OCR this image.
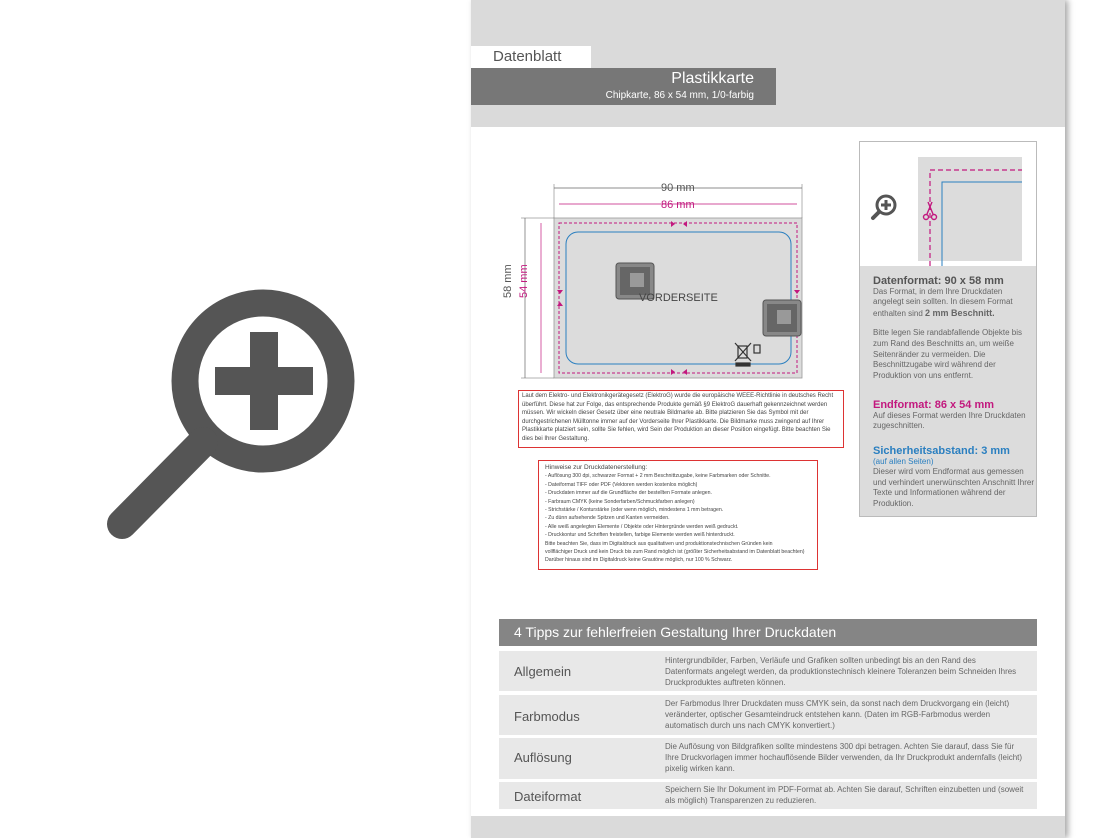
Datenblatt
Plastikkarte
Chipkarte, 86 x 54 mm, 1/0-farbig
90 mm
86 mm
58 mm 54 mm	VORDERSEITE

Laut dem Elektro- und Elektronikgerätegesetz (ElektroG) wurde die europäische WEEE-Richtlinie in deutsches Recht überführt. Diese hat zur Folge, das entsprechende Produkte gemäß §9 ElektroG dauerhaft gekennzeichnet werden müssen. Wir wickeln dieser Gesetz über eine neutrale Bildmarke ab. Bitte platzieren Sie das Symbol mit der durchgestrichenen Mülltonne immer auf der Vorderseite Ihrer Plastikkarte. Die Bildmarke muss zwingend auf Ihrer Plastikkarte platziert sein, sollte Sie fehlen, wird Sein der Produktion an dieser Position eingefügt. Bitte beachten Sie dies bei Ihrer Gestaltung.

Hinweise zur Druckdatenerstellung:

- Auflösung 300 dpi, schwarzer Format + 2 mm Beschnittzugabe, keine Farbmarken oder Schnitte.

- Dateiformat TIFF oder PDF (Vektoren werden kostenlos möglich)

- Druckdaten immer auf die Grundfläche der bestellten Formate anlegen.

- Farbraum CMYK (keine Sonderfarben/Schmuckfarben anlegen)

- Strichstärke / Konturstärke (oder wenn möglich, mindestens 1 mm betragen.

- Zu dünn aufsehende Spitzen und Kanten vermeiden.

- Alle weiß angelegten Elemente / Objekte oder Hintergründe werden weiß gedruckt.

- Druckkontur und Schriften freistellen, farbige Elemente werden weiß hinterdruckt.

Bitte beachten Sie, dass im Digitaldruck aus qualitativen und produktionstechnischen Gründen kein

vollflächiger Druck und kein Druck bis zum Rand möglich ist (größter Sicherheitsabstand im Datenblatt beachten)

Darüber hinaus sind im Digitaldruck keine Grautöne möglich, nur 100 % Schwarz.

Datenformat: 90 x 58 mm
Das Format, in dem Ihre Druckdaten angelegt sein sollten. In diesem Format enthalten sind 2 mm Beschnitt.
Bitte legen Sie randabfallende Objekte bis zum Rand des Beschnitts an, um weiße Seitenränder zu vermeiden. Die Beschnittzugabe wird während der Produktion von uns entfernt.
Endformat: 86 x 54 mm
Auf dieses Format werden Ihre Druckdaten zugeschnitten.
Sicherheitsabstand: 3 mm
(auf allen Seiten)
Dieser wird vom Endformat aus gemessen und verhindert unerwünschten Anschnitt Ihrer Texte und Informationen während der Produktion.
4 Tipps zur fehlerfreien Gestaltung Ihrer Druckdaten
Allgemein
Hintergrundbilder, Farben, Verläufe und Grafiken sollten unbedingt bis an den Rand des Datenformats angelegt werden, da produktionstechnisch kleinere Toleranzen beim Schneiden Ihres Druckproduktes auftreten können.
Farbmodus
Der Farbmodus Ihrer Druckdaten muss CMYK sein, da sonst nach dem Druckvorgang ein (leicht) veränderter, optischer Gesamteindruck entstehen kann. (Daten im RGB-Farbmodus werden automatisch durch uns nach CMYK konvertiert.)
Auflösung
Die Auflösung von Bildgrafiken sollte mindestens 300 dpi betragen. Achten Sie darauf, dass Sie für Ihre Druckvorlagen immer hochauflösende Bilder verwenden, da Ihr Druckprodukt andernfalls (leicht) pixelig wirken kann.
Dateiformat	Speichern Sie Ihr Dokument im PDF-Format ab. Achten Sie darauf, Schriften einzubetten und (soweit als möglich) Transparenzen zu reduzieren.
